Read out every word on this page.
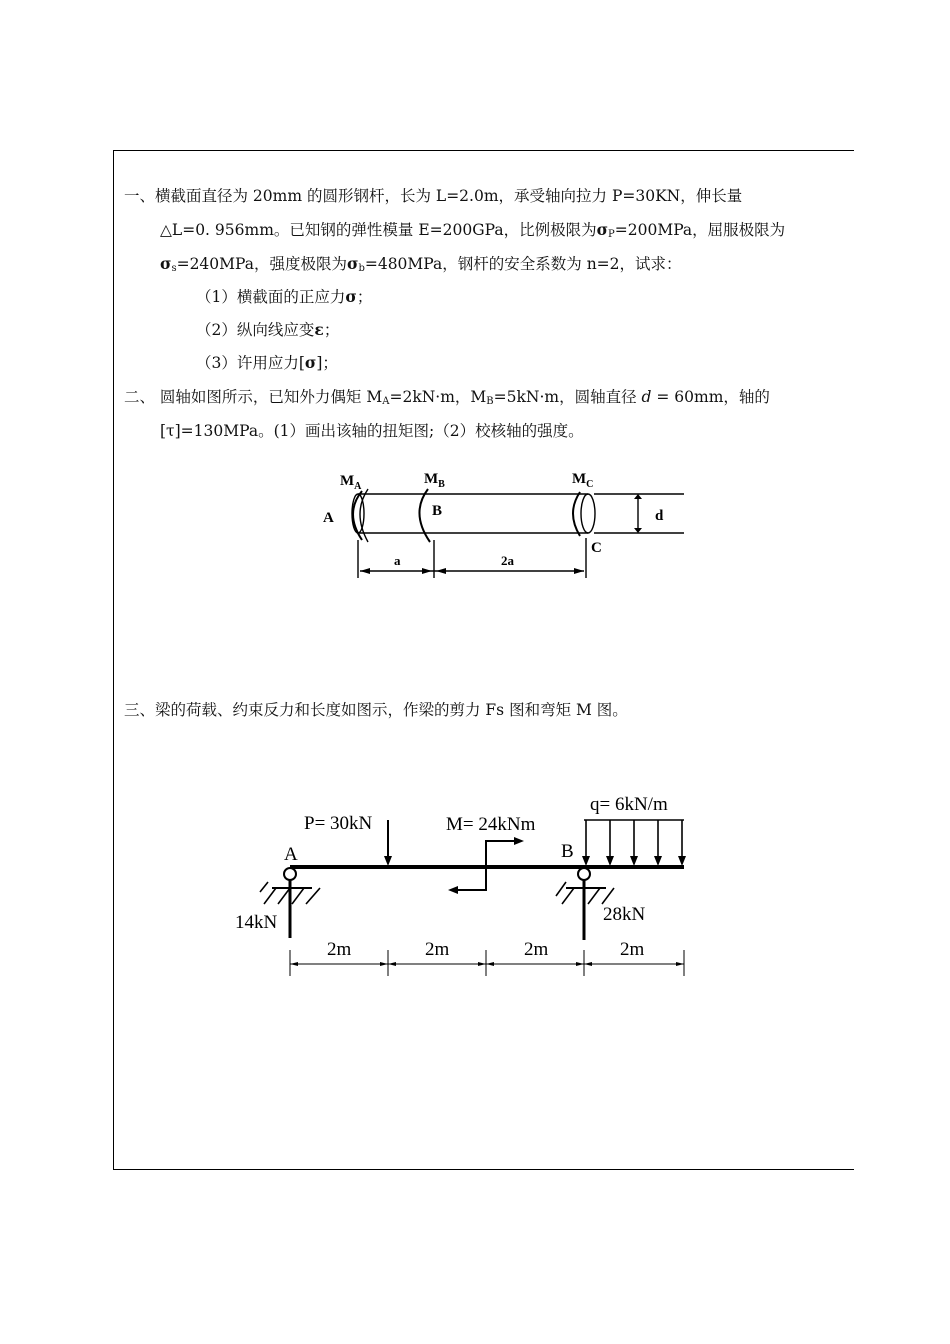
一、横截面直径为 20mm 的圆形钢杆，长为 L=2.0m，承受轴向拉力 P=30KN，伸长量
△L=0. 956mm。已知钢的弹性模量 E=200GPa，比例极限为$\sigma_P=200MPa$，屈服极限为
$\sigma_s=240MPa$，强度极限为$\sigma_b=480MPa$，钢杆的安全系数为 n=2，试求：
（1）横截面的正应力σ；
（2）纵向线应变ε；
（3）许用应力[σ]；
二、 圆轴如图所示，已知外力偶矩 $M_A=2kN\cdot m$，$M_B=5kN\cdot m$，圆轴直径 d = 60mm，轴的
[τ]=130MPa。(1）画出该轴的扭矩图;（2）校核轴的强度。
$M_A$	$M_B$	$M_C$
A	B
C
d
a	2a
三、梁的荷载、约束反力和长度如图示，作梁的剪力 Fs 图和弯矩 M 图。
P= 30kN	M= 24kNm
q= 6kN/m
A	B
14kN	28kN
2m	2m	2m	2m
